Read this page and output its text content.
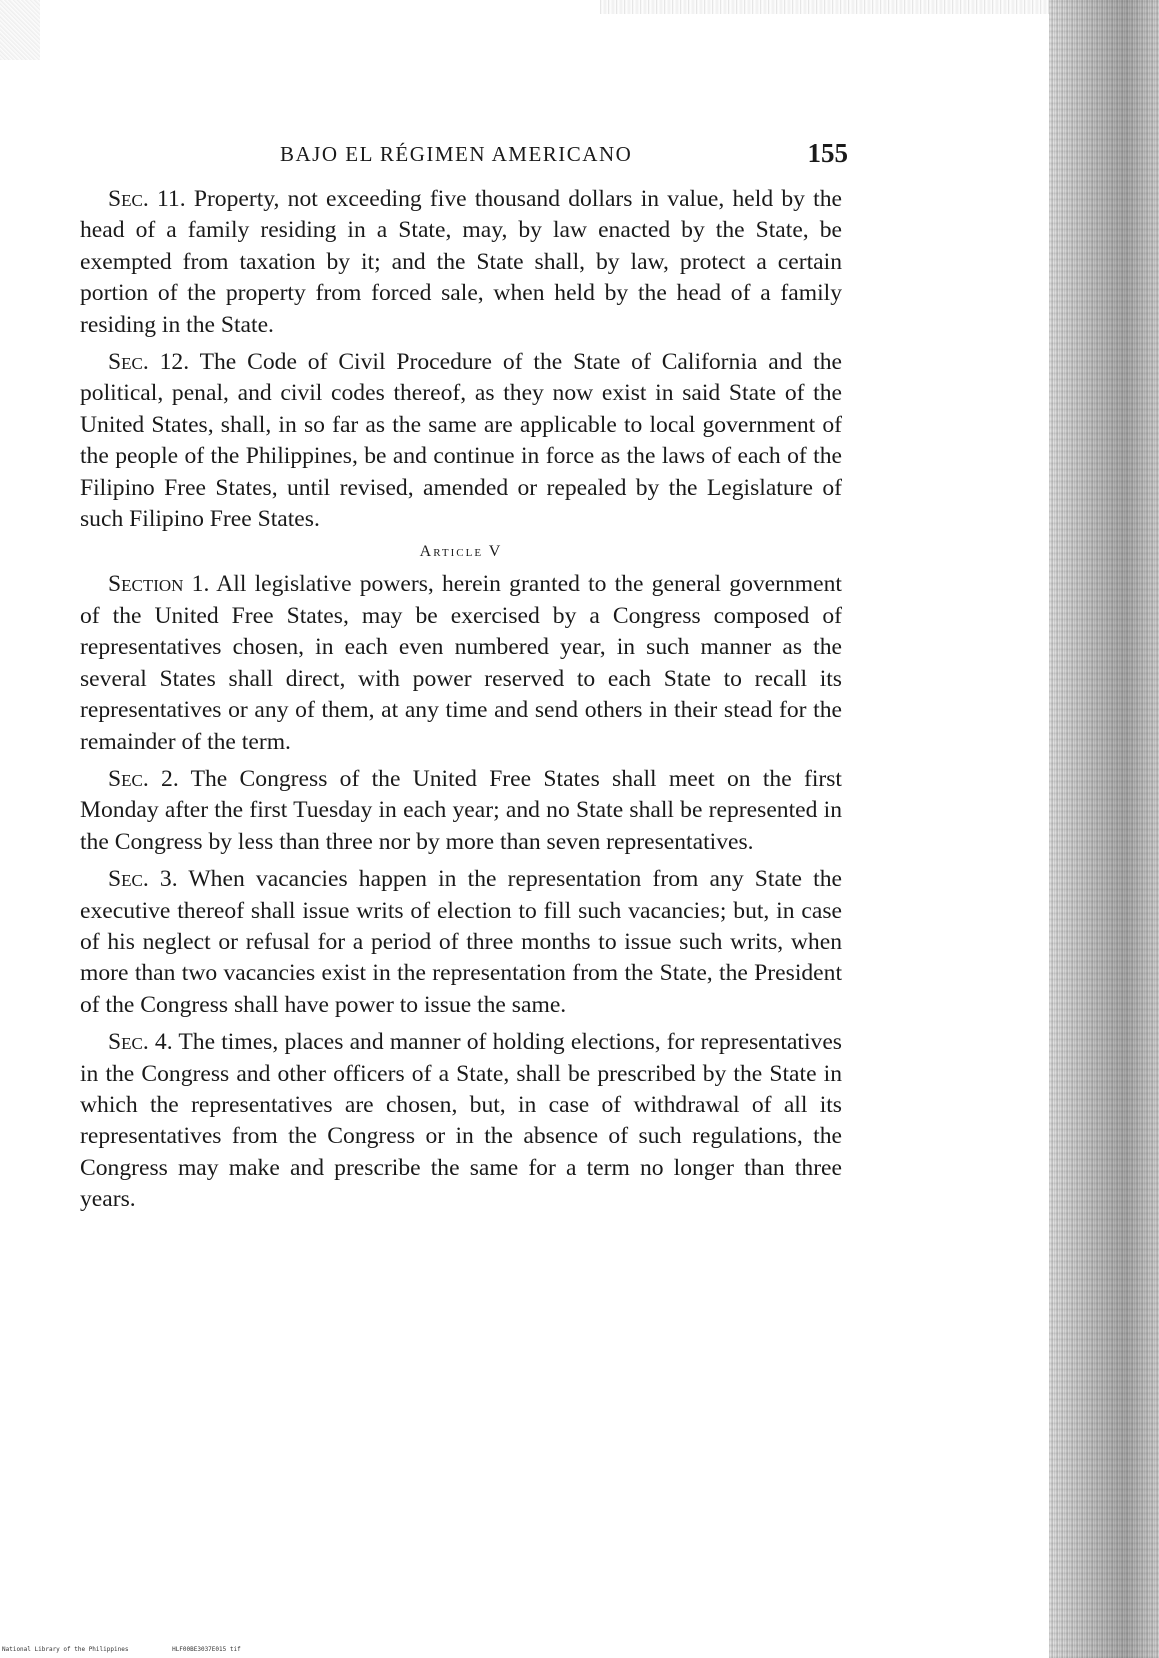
BAJO EL RÉGIMEN AMERICANO	155

Sec. 11. Property, not exceeding five thousand dollars in value, held by the head of a family residing in a State, may, by law enacted by the State, be exempted from taxation by it; and the State shall, by law, protect a certain portion of the property from forced sale, when held by the head of a family residing in the State.

Sec. 12. The Code of Civil Procedure of the State of California and the political, penal, and civil codes thereof, as they now exist in said State of the United States, shall, in so far as the same are applicable to local government of the people of the Philippines, be and continue in force as the laws of each of the Filipino Free States, until revised, amended or repealed by the Legislature of such Filipino Free States.

Article V

Section 1. All legislative powers, herein granted to the general government of the United Free States, may be exercised by a Congress composed of representatives chosen, in each even numbered year, in such manner as the several States shall direct, with power reserved to each State to recall its representatives or any of them, at any time and send others in their stead for the remainder of the term.

Sec. 2. The Congress of the United Free States shall meet on the first Monday after the first Tuesday in each year; and no State shall be represented in the Congress by less than three nor by more than seven representatives.

Sec. 3. When vacancies happen in the representation from any State the executive thereof shall issue writs of election to fill such vacancies; but, in case of his neglect or refusal for a period of three months to issue such writs, when more than two vacancies exist in the representation from the State, the President of the Congress shall have power to issue the same.

Sec. 4. The times, places and manner of holding elections, for representatives in the Congress and other officers of a State, shall be prescribed by the State in which the representatives are chosen, but, in case of withdrawal of all its representatives from the Congress or in the absence of such regulations, the Congress may make and prescribe the same for a term no longer than three years.

National Library of the Philippines	HLF00BE3037E015 tif
